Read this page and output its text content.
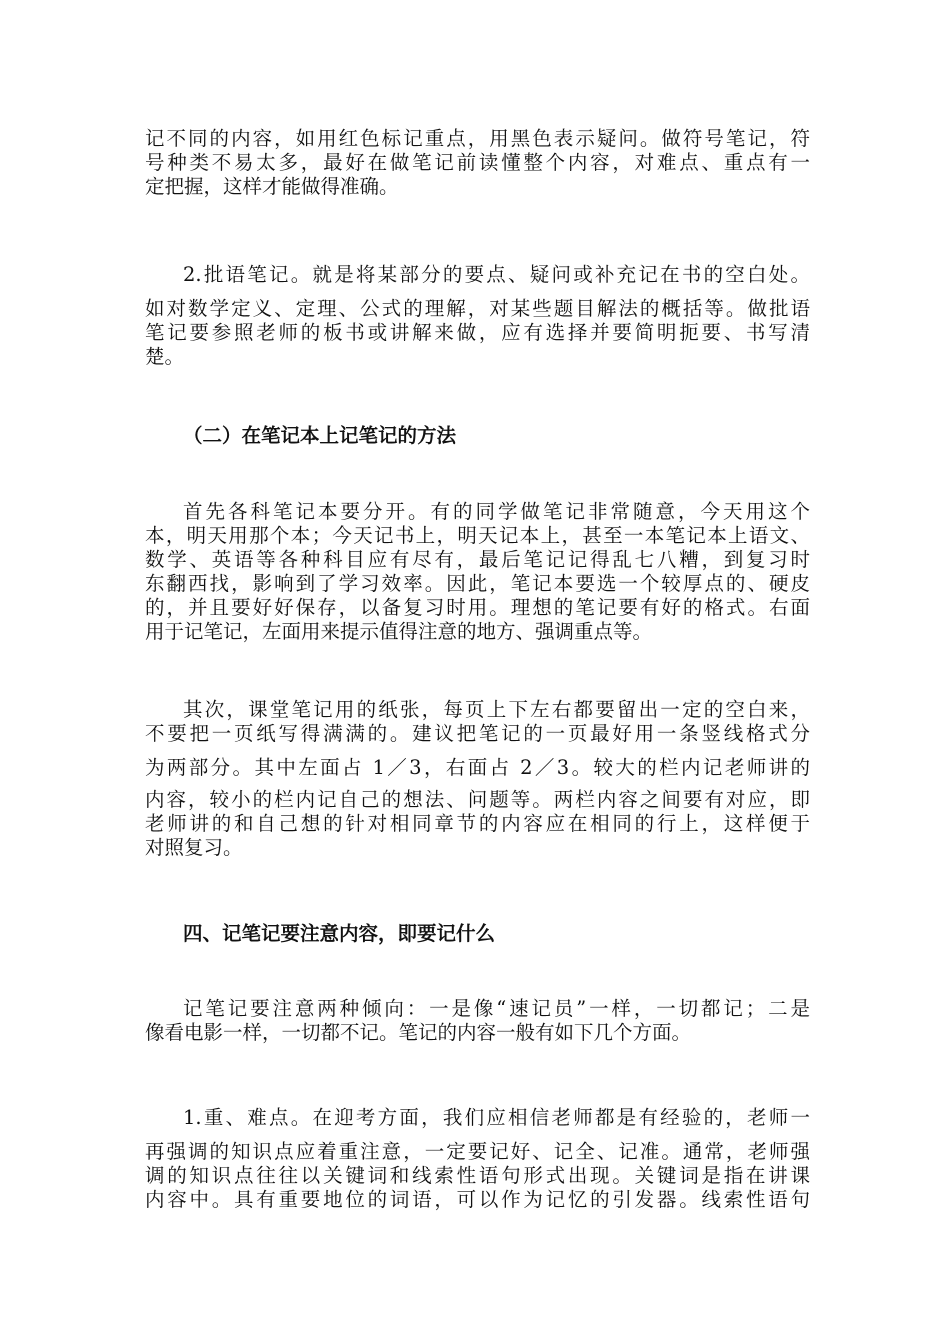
记不同的内容，如用红色标记重点，用黑色表示疑问。做符号笔记，符
号种类不易太多，最好在做笔记前读懂整个内容，对难点、重点有一
定把握，这样才能做得准确。
2.批语笔记。就是将某部分的要点、疑问或补充记在书的空白处。
如对数学定义、定理、公式的理解，对某些题目解法的概括等。做批语
笔记要参照老师的板书或讲解来做，应有选择并要简明扼要、书写清
楚。
（二）在笔记本上记笔记的方法
首先各科笔记本要分开。有的同学做笔记非常随意，今天用这个
本，明天用那个本；今天记书上，明天记本上，甚至一本笔记本上语文、
数学、英语等各种科目应有尽有，最后笔记记得乱七八糟，到复习时
东翻西找，影响到了学习效率。因此，笔记本要选一个较厚点的、硬皮
的，并且要好好保存，以备复习时用。理想的笔记要有好的格式。右面
用于记笔记，左面用来提示值得注意的地方、强调重点等。
其次，课堂笔记用的纸张，每页上下左右都要留出一定的空白来，
不要把一页纸写得满满的。建议把笔记的一页最好用一条竖线格式分
为两部分。其中左面占 1／3，右面占 2／3。较大的栏内记老师讲的
内容，较小的栏内记自己的想法、问题等。两栏内容之间要有对应，即
老师讲的和自己想的针对相同章节的内容应在相同的行上，这样便于
对照复习。
四、记笔记要注意内容，即要记什么
记笔记要注意两种倾向：一是像“速记员”一样，一切都记；二是
像看电影一样，一切都不记。笔记的内容一般有如下几个方面。
1.重、难点。在迎考方面，我们应相信老师都是有经验的，老师一
再强调的知识点应着重注意，一定要记好、记全、记准。通常，老师强
调的知识点往往以关键词和线索性语句形式出现。关键词是指在讲课
内容中。具有重要地位的词语，可以作为记忆的引发器。线索性语句
